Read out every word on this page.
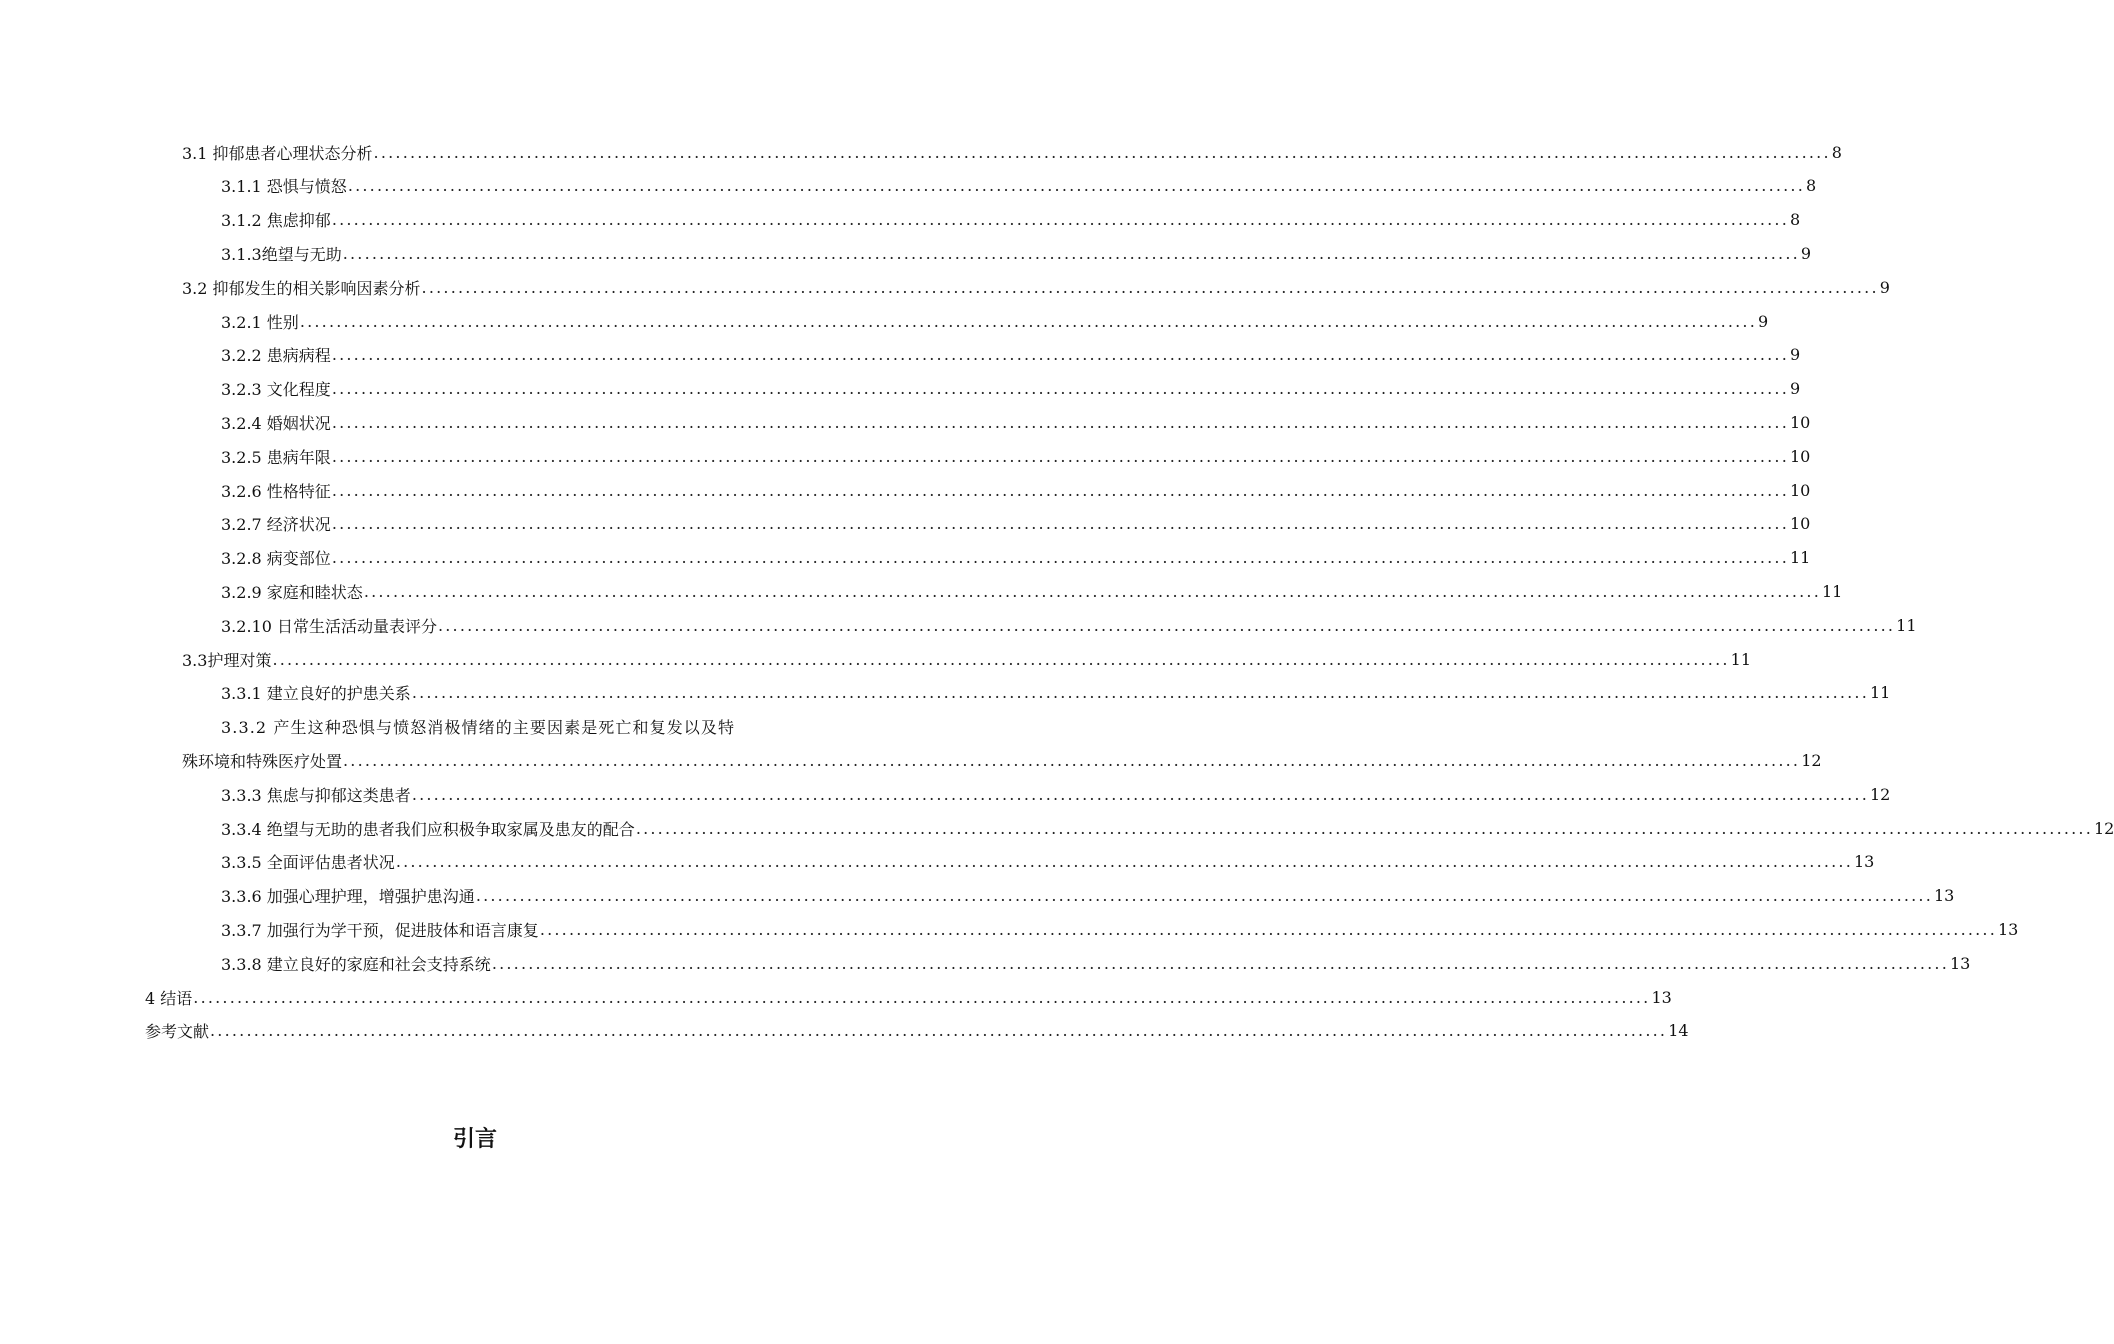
3.1 抑郁患者心理状态分析 ........................................................................................................................................................................................................ 8
3.1.1 恐惧与愤怒 ........................................................................................................................................................................................................ 8
3.1.2 焦虑抑郁 ........................................................................................................................................................................................................ 8
3.1.3绝望与无助 ........................................................................................................................................................................................................ 9
3.2 抑郁发生的相关影响因素分析 ........................................................................................................................................................................................................ 9
3.2.1 性别 ........................................................................................................................................................................................................ 9
3.2.2 患病病程 ........................................................................................................................................................................................................ 9
3.2.3 文化程度 ........................................................................................................................................................................................................ 9
3.2.4 婚姻状况 ........................................................................................................................................................................................................ 10
3.2.5 患病年限 ........................................................................................................................................................................................................ 10
3.2.6 性格特征 ........................................................................................................................................................................................................ 10
3.2.7 经济状况 ........................................................................................................................................................................................................ 10
3.2.8 病变部位 ........................................................................................................................................................................................................ 11
3.2.9 家庭和睦状态 ........................................................................................................................................................................................................ 11
3.2.10 日常生活活动量表评分 ........................................................................................................................................................................................................ 11
3.3护理对策 ........................................................................................................................................................................................................ 11
3.3.1 建立良好的护患关系 ........................................................................................................................................................................................................ 11
3.3.2 产生这种恐惧与愤怒消极情绪的主要因素是死亡和复发以及特
殊环境和特殊医疗处置 ........................................................................................................................................................................................................ 12
3.3.3 焦虑与抑郁这类患者 ........................................................................................................................................................................................................ 12
3.3.4 绝望与无助的患者我们应积极争取家属及患友的配合 ........................................................................................................................................................................................................ 12
3.3.5 全面评估患者状况 ........................................................................................................................................................................................................ 13
3.3.6 加强心理护理，增强护患沟通 ........................................................................................................................................................................................................ 13
3.3.7 加强行为学干预，促进肢体和语言康复 ........................................................................................................................................................................................................ 13
3.3.8 建立良好的家庭和社会支持系统 ........................................................................................................................................................................................................ 13
4 结语 ........................................................................................................................................................................................................ 13
参考文献 ........................................................................................................................................................................................................ 14
引言
